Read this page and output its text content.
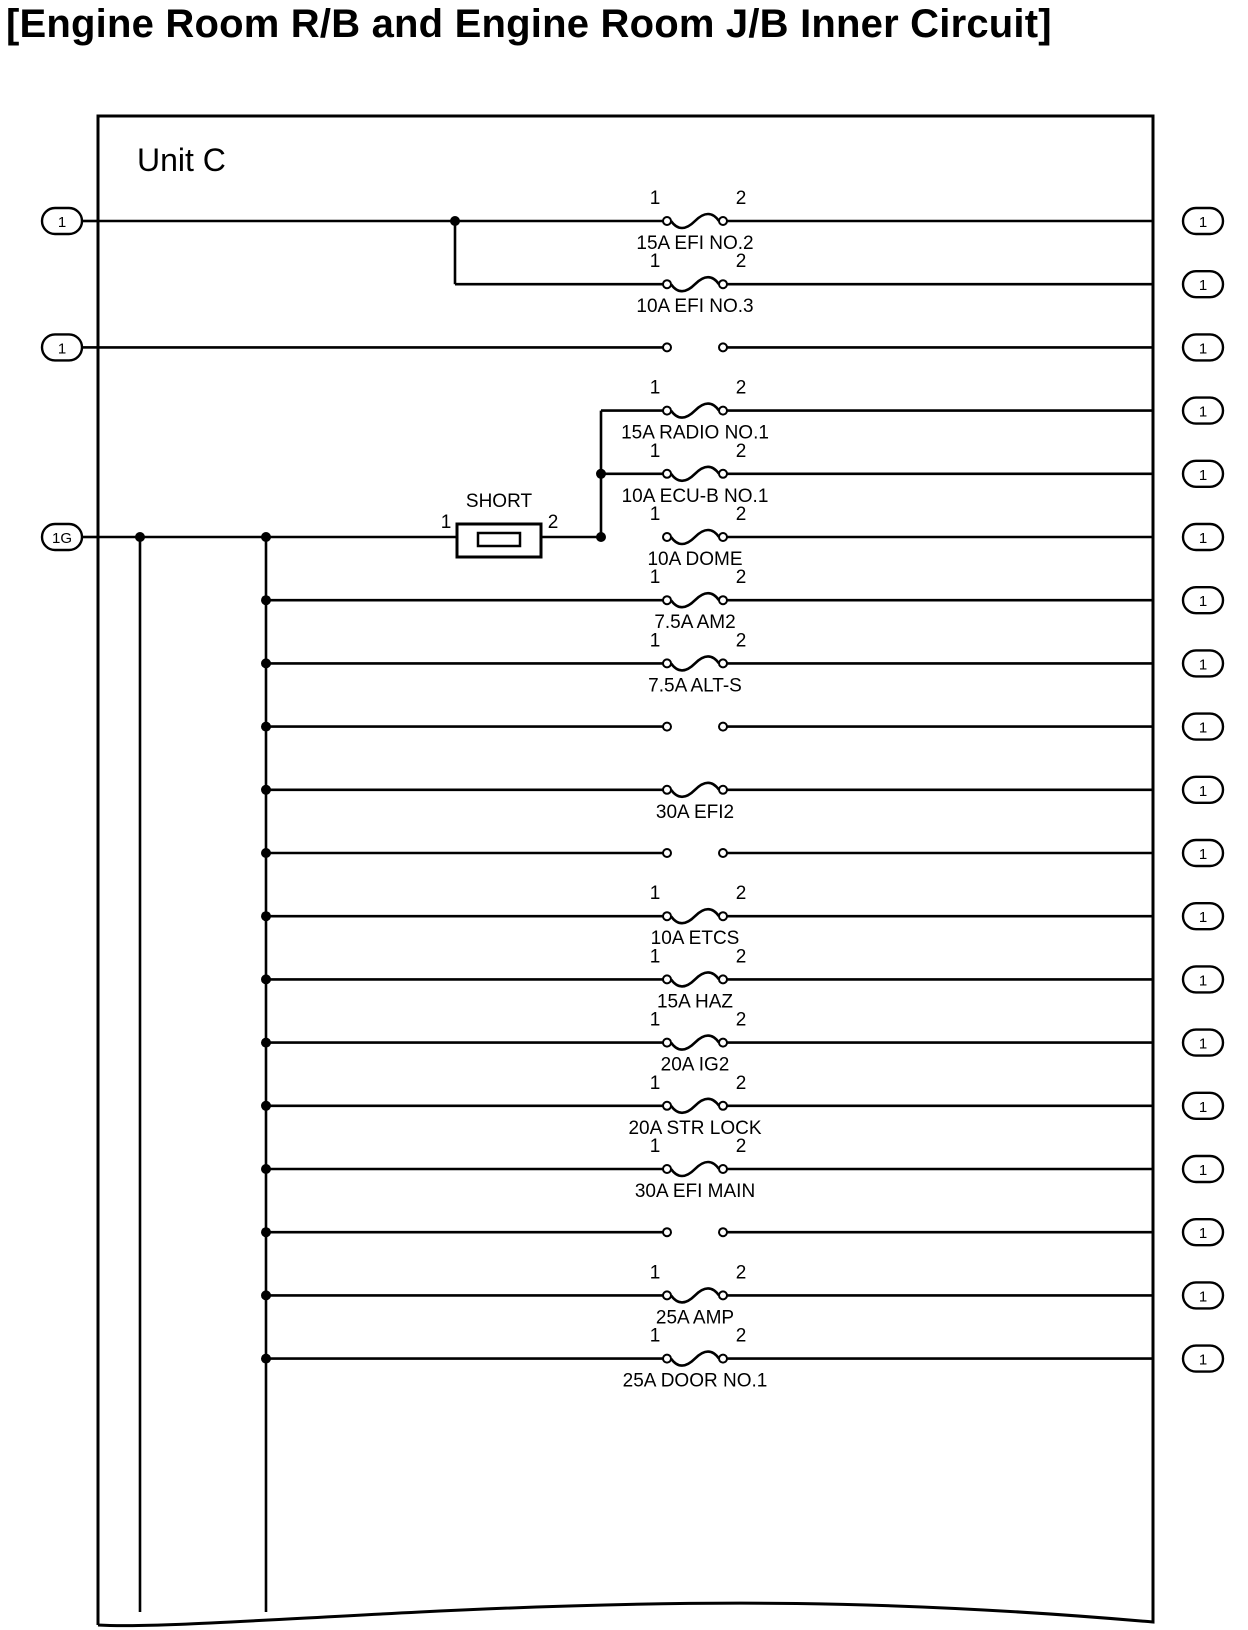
[Engine Room R/B and Engine Room J/B Inner Circuit]
Unit C
SHORT
1	2
1	2
15A EFI NO.2
1
1	2
10A EFI NO.3
1
1
1	2
15A RADIO NO.1
1
1	2
10A ECU-B NO.1
1
1	2
10A DOME
1
1	2
7.5A AM2
1
1	2
7.5A ALT-S
1
1
30A EFI2
1
1
1	2
10A ETCS
1
1	2
15A HAZ
1
1	2
20A IG2
1
1	2
20A STR LOCK
1
1	2
30A EFI MAIN
1
1
1	2
25A AMP
1
1	2
25A DOOR NO.1
1
1
1
1G
